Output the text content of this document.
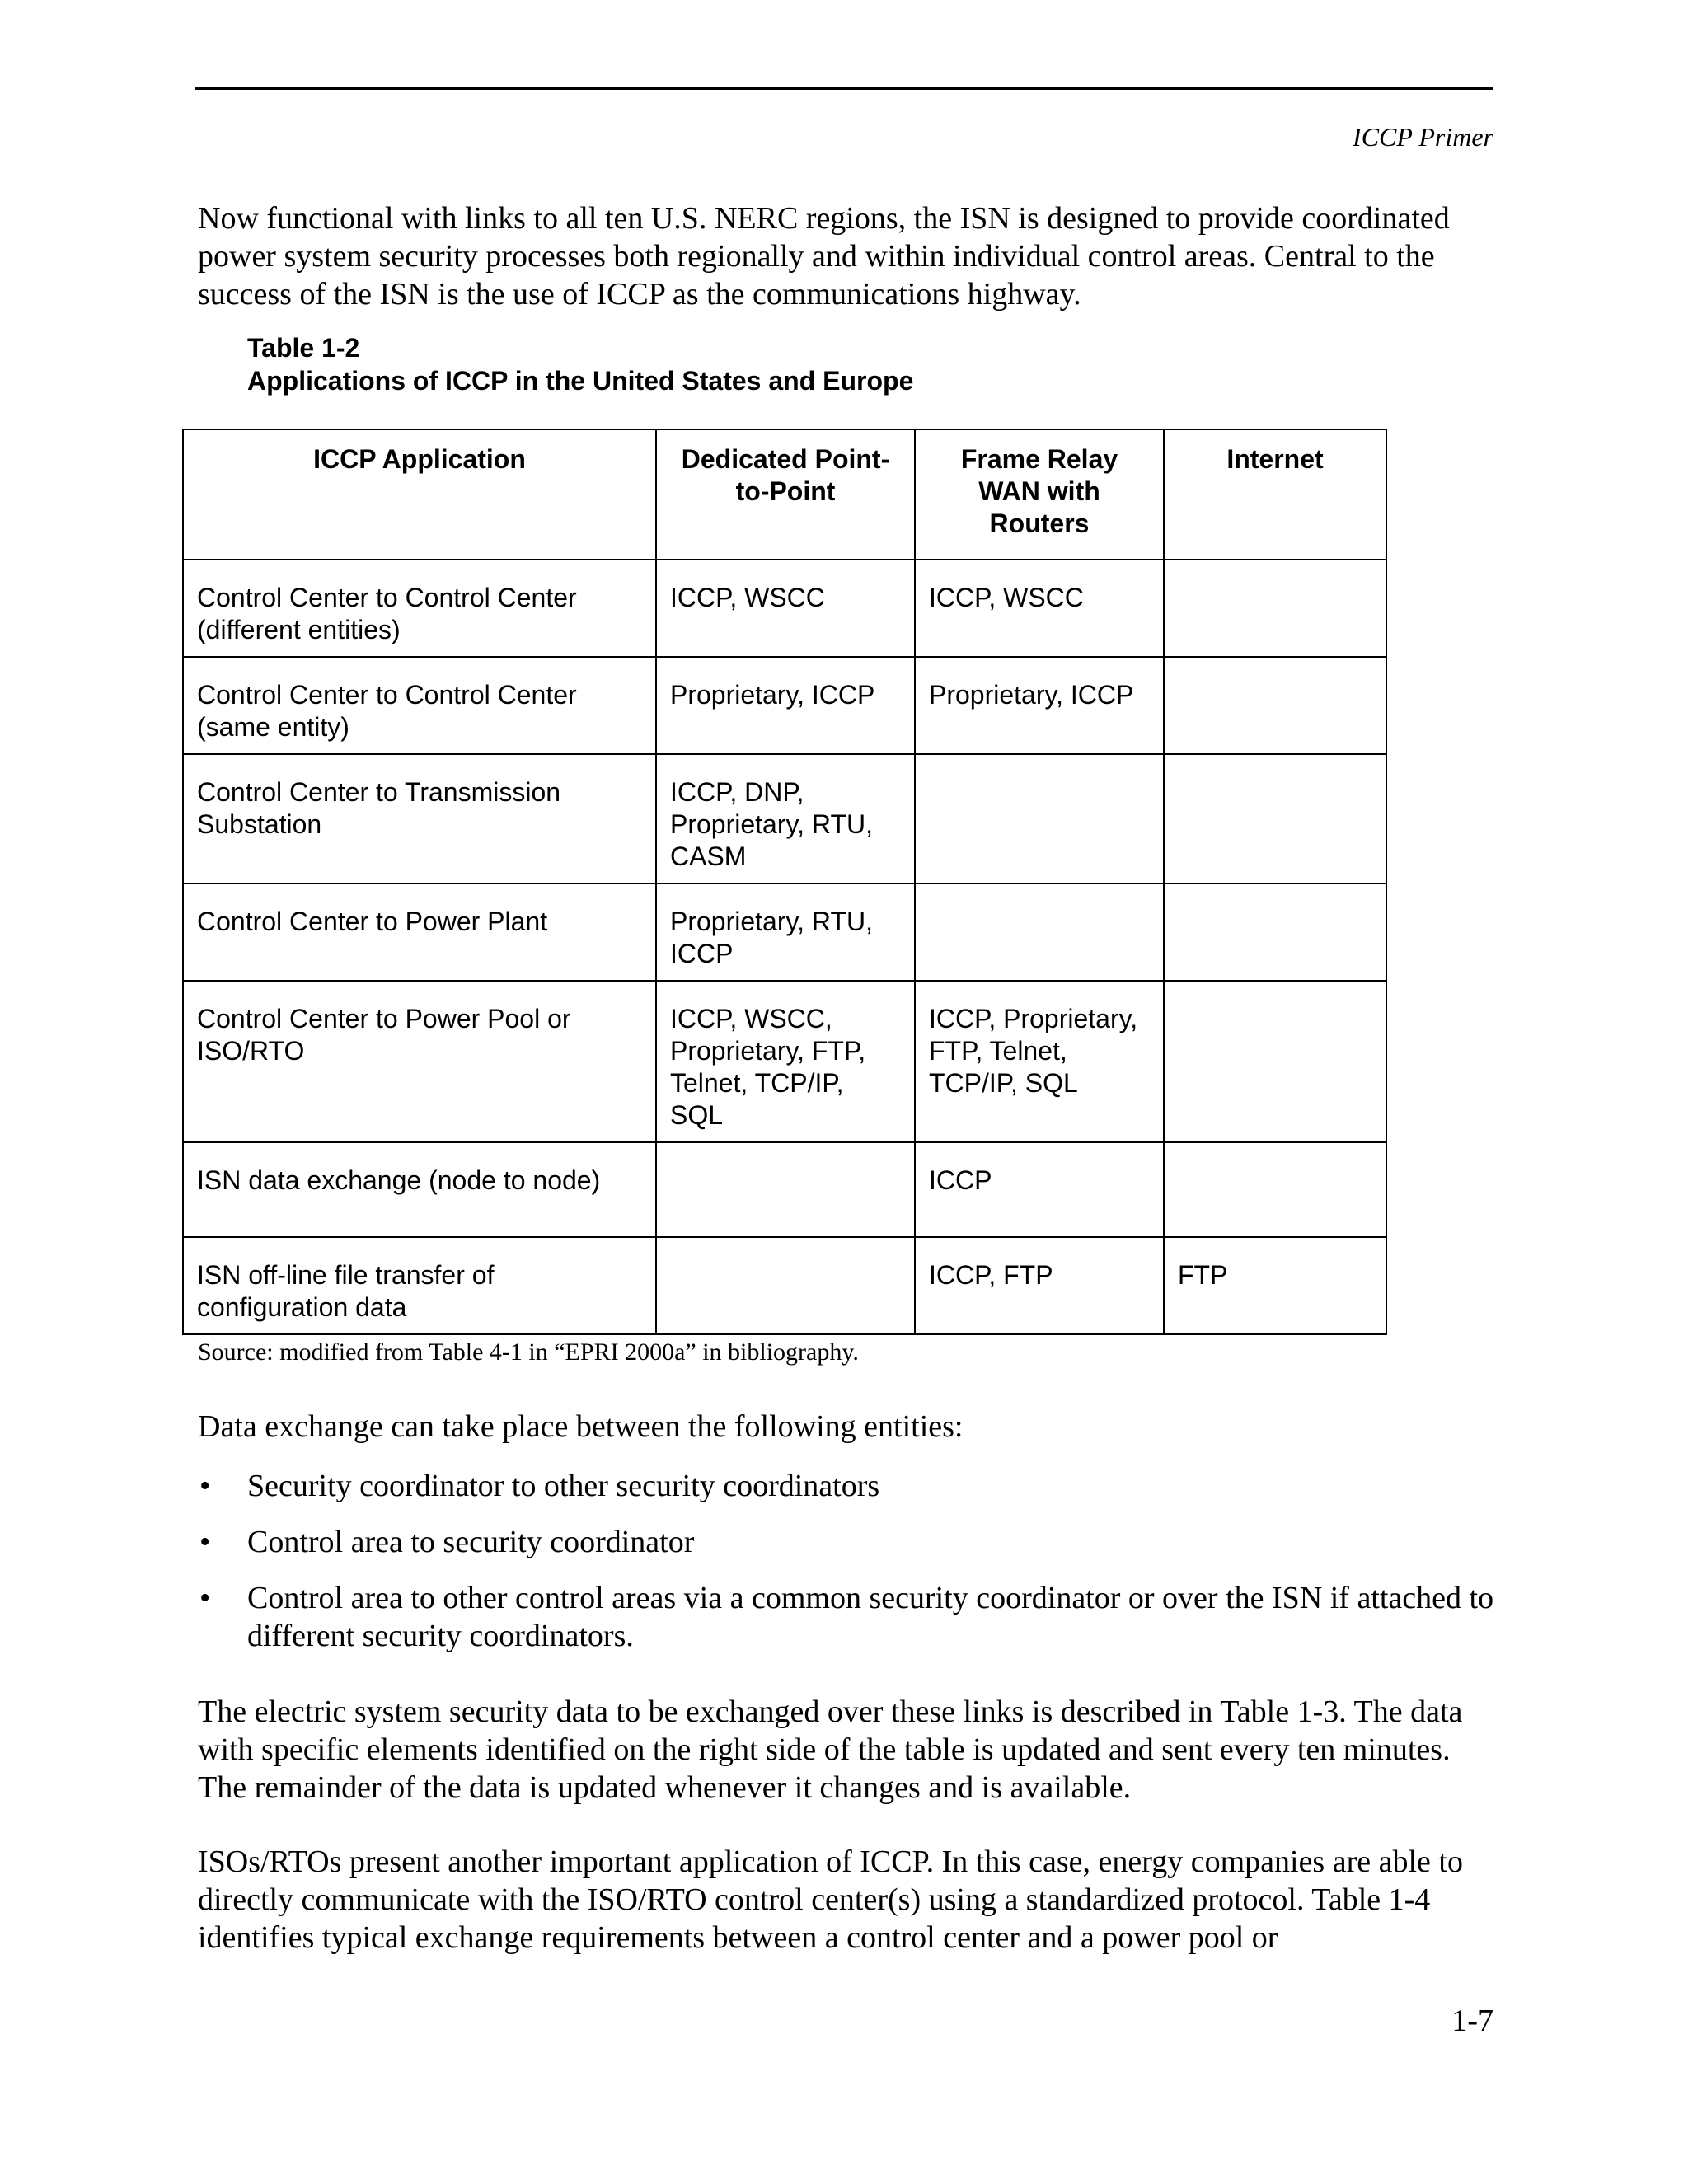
ICCP Primer

Now functional with links to all ten U.S. NERC regions, the ISN is designed to provide coordinated power system security processes both regionally and within individual control areas. Central to the success of the ISN is the use of ICCP as the communications highway.

Table 1-2
Applications of ICCP in the United States and Europe
ICCP Application	Dedicated Point-to-Point	Frame Relay WAN with Routers	Internet
Control Center to Control Center (different entities)	ICCP, WSCC	ICCP, WSCC	
Control Center to Control Center (same entity)	Proprietary, ICCP	Proprietary, ICCP	
Control Center to Transmission Substation	ICCP, DNP, Proprietary, RTU, CASM		
Control Center to Power Plant	Proprietary, RTU, ICCP		
Control Center to Power Pool or ISO/RTO	ICCP, WSCC, Proprietary, FTP, Telnet, TCP/IP, SQL	ICCP, Proprietary, FTP, Telnet, TCP/IP, SQL	
ISN data exchange (node to node)		ICCP	
ISN off-line file transfer of configuration data		ICCP, FTP	FTP
Source: modified from Table 4-1 in “EPRI 2000a” in bibliography.

Data exchange can take place between the following entities:

• Security coordinator to other security coordinators
• Control area to security coordinator
• Control area to other control areas via a common security coordinator or over the ISN if attached to different security coordinators.

The electric system security data to be exchanged over these links is described in Table 1-3. The data with specific elements identified on the right side of the table is updated and sent every ten minutes. The remainder of the data is updated whenever it changes and is available.

ISOs/RTOs present another important application of ICCP. In this case, energy companies are able to directly communicate with the ISO/RTO control center(s) using a standardized protocol. Table 1-4 identifies typical exchange requirements between a control center and a power pool or

1-7
